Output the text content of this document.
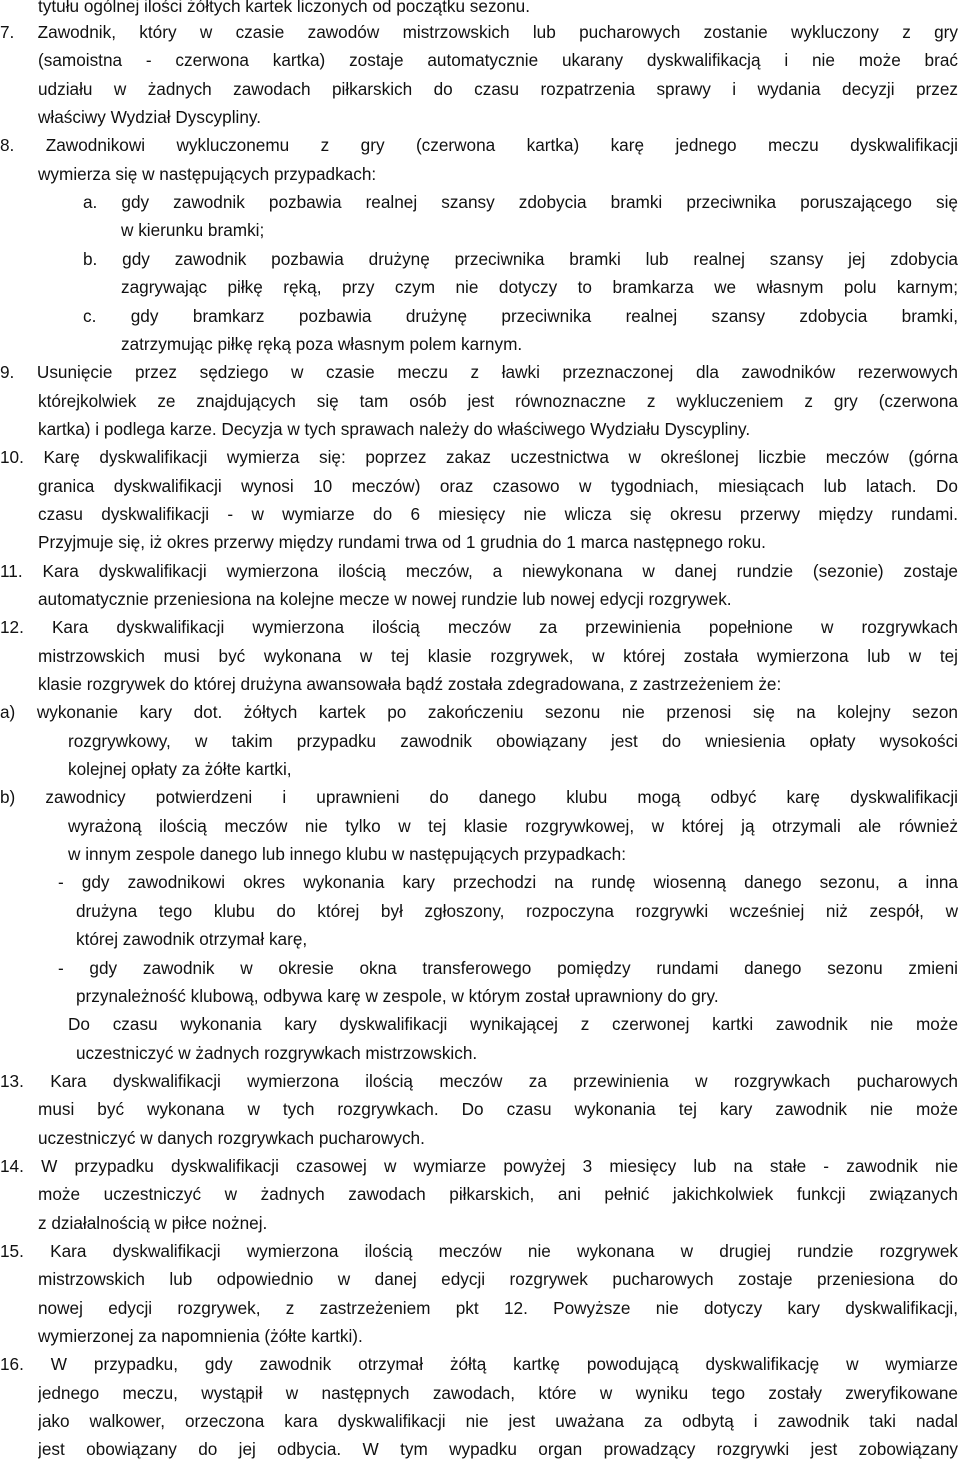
tytułu ogólnej ilości żółtych kartek liczonych od początku sezonu.
7. Zawodnik, który w czasie zawodów mistrzowskich lub pucharowych zostanie wykluczony z gry
(samoistna - czerwona kartka) zostaje automatycznie ukarany dyskwalifikacją i nie może brać
udziału w żadnych zawodach piłkarskich do czasu rozpatrzenia sprawy i wydania decyzji przez
właściwy Wydział Dyscypliny.
8. Zawodnikowi wykluczonemu z gry (czerwona kartka) karę jednego meczu dyskwalifikacji
wymierza się w następujących przypadkach:
a. gdy zawodnik pozbawia realnej szansy zdobycia bramki przeciwnika poruszającego się
w kierunku bramki;
b. gdy zawodnik pozbawia drużynę przeciwnika bramki lub realnej szansy jej zdobycia
zagrywając piłkę ręką, przy czym nie dotyczy to bramkarza we własnym polu karnym;
c. gdy bramkarz pozbawia drużynę przeciwnika realnej szansy zdobycia bramki,
zatrzymując piłkę ręką poza własnym polem karnym.
9. Usunięcie przez sędziego w czasie meczu z ławki przeznaczonej dla zawodników rezerwowych
którejkolwiek ze znajdujących się tam osób jest równoznaczne z wykluczeniem z gry (czerwona
kartka) i podlega karze. Decyzja w tych sprawach należy do właściwego Wydziału Dyscypliny.
10. Karę dyskwalifikacji wymierza się: poprzez zakaz uczestnictwa w określonej liczbie meczów (górna
granica dyskwalifikacji wynosi 10 meczów) oraz czasowo w tygodniach, miesiącach lub latach. Do
czasu dyskwalifikacji - w wymiarze do 6 miesięcy nie wlicza się okresu przerwy między rundami.
Przyjmuje się, iż okres przerwy między rundami trwa od 1 grudnia do 1 marca następnego roku.
11. Kara dyskwalifikacji wymierzona ilością meczów, a niewykonana w danej rundzie (sezonie) zostaje
automatycznie przeniesiona na kolejne mecze w nowej rundzie lub nowej edycji rozgrywek.
12. Kara dyskwalifikacji wymierzona ilością meczów za przewinienia popełnione w rozgrywkach
mistrzowskich musi być wykonana w tej klasie rozgrywek, w której została wymierzona lub w tej
klasie rozgrywek do której drużyna awansowała bądź została zdegradowana, z zastrzeżeniem że:
a) wykonanie kary dot. żółtych kartek po zakończeniu sezonu nie przenosi się na kolejny sezon
rozgrywkowy, w takim przypadku zawodnik obowiązany jest do wniesienia opłaty wysokości
kolejnej opłaty za żółte kartki,
b) zawodnicy potwierdzeni i uprawnieni do danego klubu mogą odbyć karę dyskwalifikacji
wyrażoną ilością meczów nie tylko w tej klasie rozgrywkowej, w której ją otrzymali ale również
w innym zespole danego lub innego klubu w następujących przypadkach:
- gdy zawodnikowi okres wykonania kary przechodzi na rundę wiosenną danego sezonu, a inna
drużyna tego klubu do której był zgłoszony, rozpoczyna rozgrywki wcześniej niż zespół, w
której zawodnik otrzymał karę,
- gdy zawodnik w okresie okna transferowego pomiędzy rundami danego sezonu zmieni
przynależność klubową, odbywa karę w zespole, w którym został uprawniony do gry.
Do czasu wykonania kary dyskwalifikacji wynikającej z czerwonej kartki zawodnik nie może
uczestniczyć w żadnych rozgrywkach mistrzowskich.
13. Kara dyskwalifikacji wymierzona ilością meczów za przewinienia w rozgrywkach pucharowych
musi być wykonana w tych rozgrywkach. Do czasu wykonania tej kary zawodnik nie może
uczestniczyć w danych rozgrywkach pucharowych.
14. W przypadku dyskwalifikacji czasowej w wymiarze powyżej 3 miesięcy lub na stałe - zawodnik nie
może uczestniczyć w żadnych zawodach piłkarskich, ani pełnić jakichkolwiek funkcji związanych
z działalnością w piłce nożnej.
15. Kara dyskwalifikacji wymierzona ilością meczów nie wykonana w drugiej rundzie rozgrywek
mistrzowskich lub odpowiednio w danej edycji rozgrywek pucharowych zostaje przeniesiona do
nowej edycji rozgrywek, z zastrzeżeniem pkt 12. Powyższe nie dotyczy kary dyskwalifikacji,
wymierzonej za napomnienia (żółte kartki).
16. W przypadku, gdy zawodnik otrzymał żółtą kartkę powodującą dyskwalifikację w wymiarze
jednego meczu, wystąpił w następnych zawodach, które w wyniku tego zostały zweryfikowane
jako walkower, orzeczona kara dyskwalifikacji nie jest uważana za odbytą i zawodnik taki nadal
jest obowiązany do jej odbycia. W tym wypadku organ prowadzący rozgrywki jest zobowiązany
